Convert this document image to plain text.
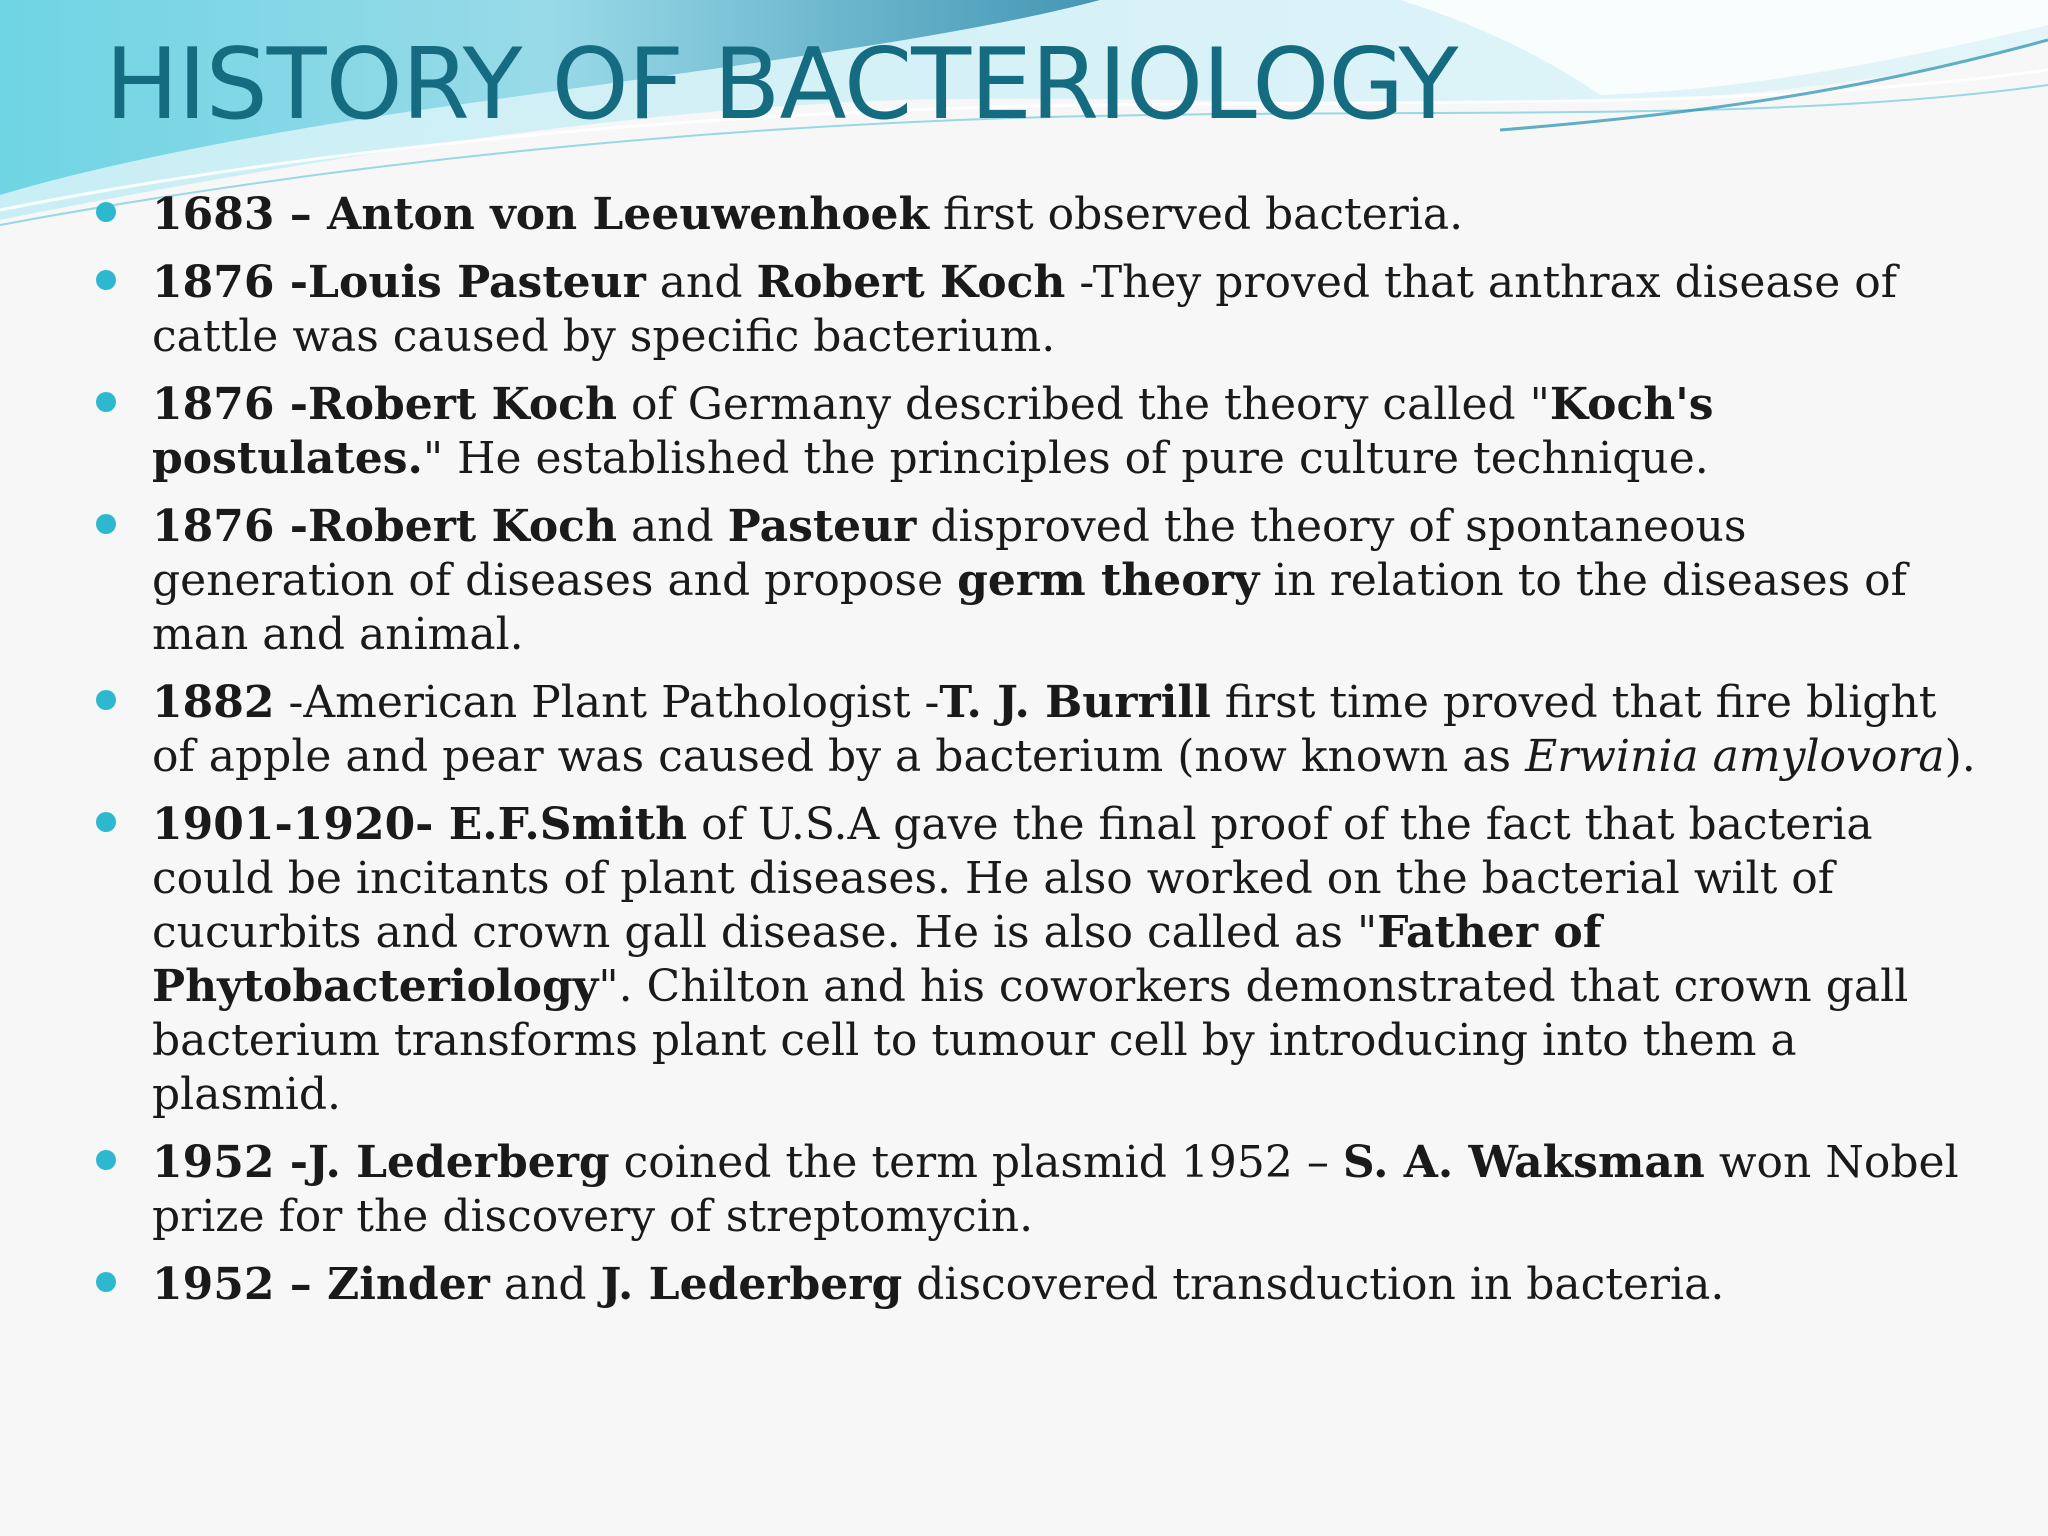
HISTORY OF BACTERIOLOGY
1683 – Anton von Leeuwenhoek first observed bacteria.
1876 -Louis Pasteur and Robert Koch -They proved that anthrax disease of cattle was caused by specific bacterium.
1876 -Robert Koch of Germany described the theory called "Koch's postulates." He established the principles of pure culture technique.
1876 -Robert Koch and Pasteur disproved the theory of spontaneous generation of diseases and propose germ theory in relation to the diseases of man and animal.
1882 -American Plant Pathologist -T. J. Burrill first time proved that fire blight of apple and pear was caused by a bacterium (now known as Erwinia amylovora).
1901-1920- E.F.Smith of U.S.A gave the final proof of the fact that bacteria could be incitants of plant diseases. He also worked on the bacterial wilt of cucurbits and crown gall disease. He is also called as "Father of Phytobacteriology". Chilton and his coworkers demonstrated that crown gall bacterium transforms plant cell to tumour cell by introducing into them a plasmid.
1952 -J. Lederberg coined the term plasmid 1952 – S. A. Waksman won Nobel prize for the discovery of streptomycin.
1952 – Zinder and J. Lederberg discovered transduction in bacteria.
